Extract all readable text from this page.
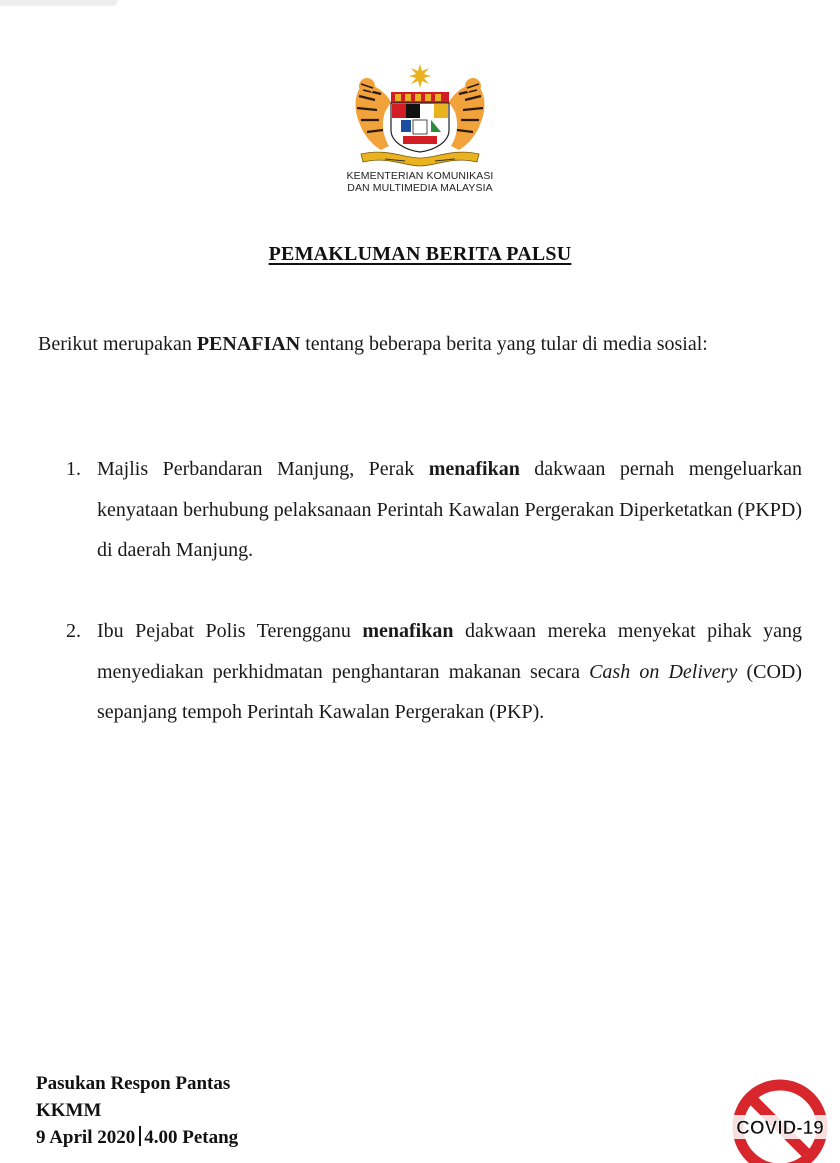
KEMENTERIAN KOMUNIKASI
DAN MULTIMEDIA MALAYSIA
PEMAKLUMAN BERITA PALSU
Berikut merupakan PENAFIAN tentang beberapa berita yang tular di media sosial:
1. Majlis Perbandaran Manjung, Perak menafikan dakwaan pernah mengeluarkan kenyataan berhubung pelaksanaan Perintah Kawalan Pergerakan Diperketatkan (PKPD) di daerah Manjung.
2. Ibu Pejabat Polis Terengganu menafikan dakwaan mereka menyekat pihak yang menyediakan perkhidmatan penghantaran makanan secara Cash on Delivery (COD) sepanjang tempoh Perintah Kawalan Pergerakan (PKP).
Pasukan Respon Pantas
KKMM
9 April 2020 4.00 Petang	COVID-19
